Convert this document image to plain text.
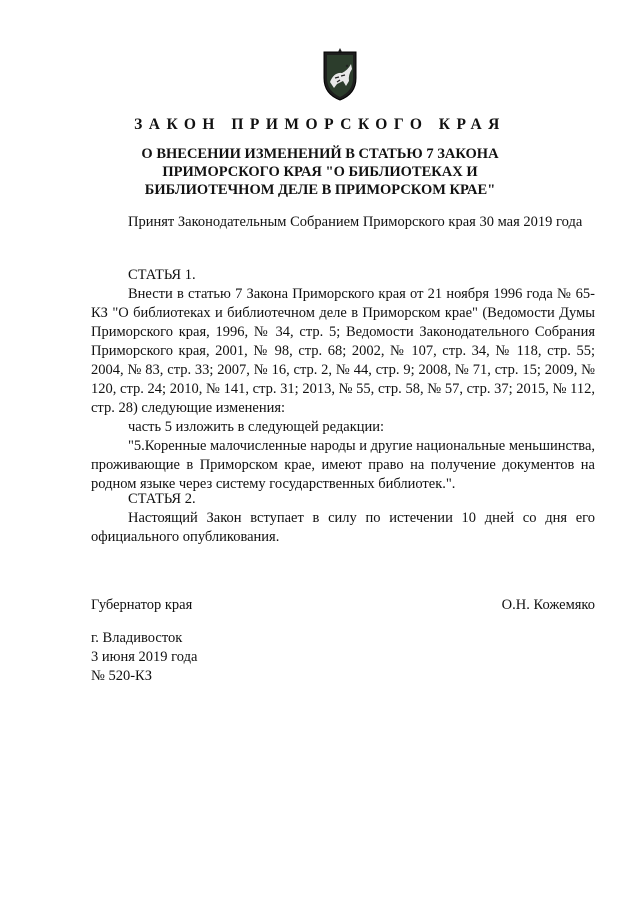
ЗАКОН ПРИМОРСКОГО КРАЯ
О ВНЕСЕНИИ ИЗМЕНЕНИЙ В СТАТЬЮ 7 ЗАКОНА
ПРИМОРСКОГО КРАЯ "О БИБЛИОТЕКАХ И
БИБЛИОТЕЧНОМ ДЕЛЕ В ПРИМОРСКОМ КРАЕ"

Принят Законодательным Собранием Приморского края 30 мая 2019 года

СТАТЬЯ 1.

Внести в статью 7 Закона Приморского края от 21 ноября 1996 года № 65-КЗ "О библиотеках и библиотечном деле в Приморском крае" (Ведомости Думы Приморского края, 1996, № 34, стр. 5; Ведомости Законодательного Собрания Приморского края, 2001, № 98, стр. 68; 2002, № 107, стр. 34, № 118, стр. 55; 2004, № 83, стр. 33; 2007, № 16, стр. 2, № 44, стр. 9; 2008, № 71, стр. 15; 2009, № 120, стр. 24; 2010, № 141, стр. 31; 2013, № 55, стр. 58, № 57, стр. 37; 2015, № 112, стр. 28) следующие изменения:

часть 5 изложить в следующей редакции:

"5.Коренные малочисленные народы и другие национальные меньшинства, проживающие в Приморском крае, имеют право на получение документов на родном языке через систему государственных библиотек.".

СТАТЬЯ 2.

Настоящий Закон вступает в силу по истечении 10 дней со дня его официального опубликования.

Губернатор края	О.Н. Кожемяко
г. Владивосток
3 июня 2019 года
№ 520-КЗ
